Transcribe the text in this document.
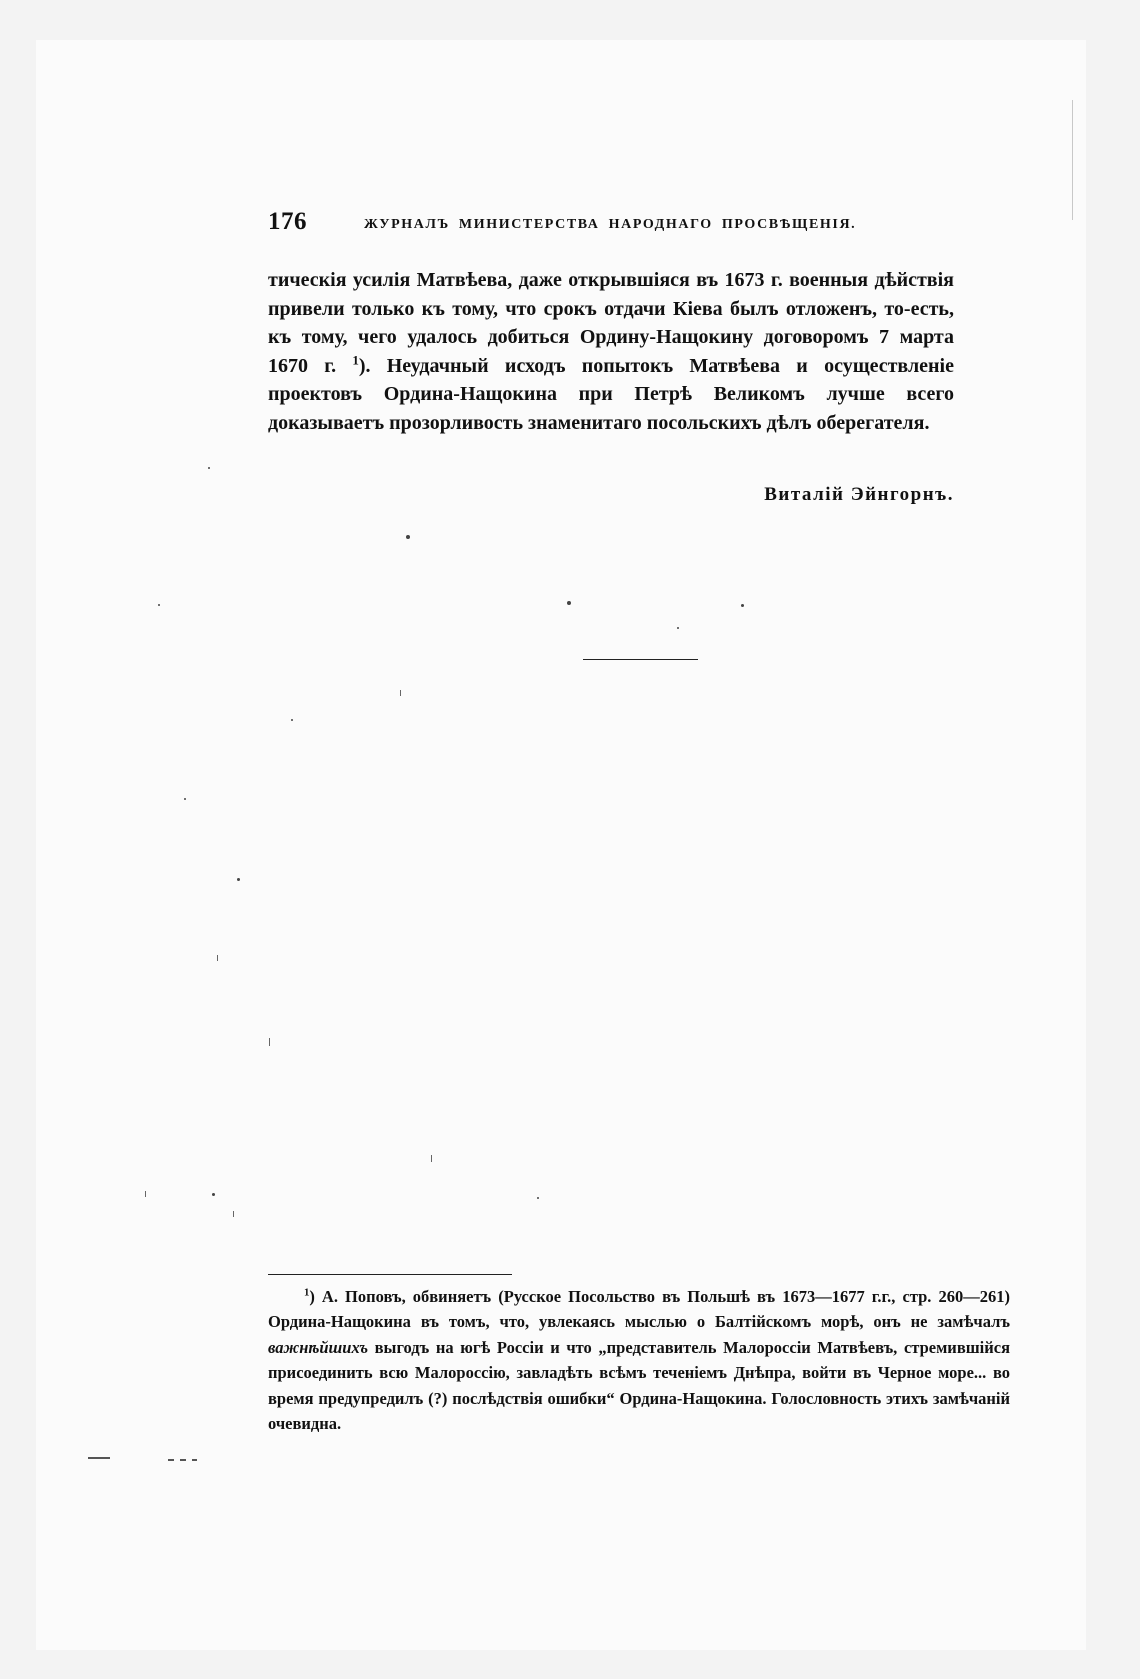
176	ЖУРНАЛЪ МИНИСТЕРСТВА НАРОДНАГО ПРОСВѢЩЕНІЯ.

тическія усилія Матвѣева, даже открывшіяся въ 1673 г. военныя дѣйствія привели только къ тому, что срокъ отдачи Кіева былъ отложенъ, то-есть, къ тому, чего удалось добиться Ордину-Нащокину договоромъ 7 марта 1670 г. $^1$). Неудачный исходъ попытокъ Матвѣева и осуществленіе проектовъ Ордина-Нащокина при Петрѣ Великомъ лучше всего доказываетъ прозорливость знаменитаго посольскихъ дѣлъ оберегателя.

Виталій Эйнгорнъ.

$^1$) А. Поповъ, обвиняетъ (Русское Посольство въ Польшѣ въ 1673—1677 г.г., стр. 260—261) Ордина-Нащокина въ томъ, что, увлекаясь мыслью о Балтійскомъ морѣ, онъ не замѣчалъ важнѣйшихъ выгодъ на югѣ Россіи и что „представитель Малороссіи Матвѣевъ, стремившійся присоединить всю Малороссію, завладѣть всѣмъ теченіемъ Днѣпра, войти въ Черное море... во время предупредилъ (?) послѣдствія ошибки“ Ордина-Нащокина. Голословность этихъ замѣчаній очевидна.
